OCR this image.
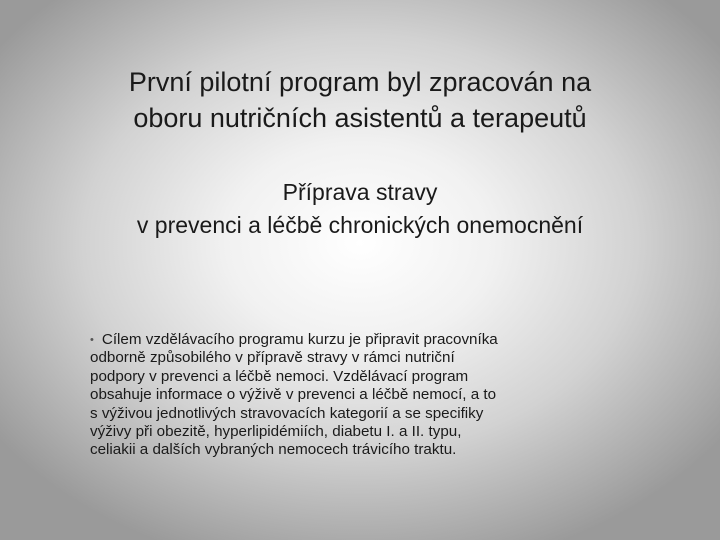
První pilotní program byl zpracován na
oboru nutričních asistentů a terapeutů
Příprava stravy
v prevenci a léčbě chronických onemocnění
• Cílem vzdělávacího programu kurzu je připravit pracovníka
odborně způsobilého v přípravě stravy v rámci nutriční
podpory v prevenci a léčbě nemoci. Vzdělávací program
obsahuje informace o výživě v prevenci a léčbě nemocí, a to
s výživou jednotlivých stravovacích kategorií a se specifiky
výživy při obezitě, hyperlipidémiích, diabetu I. a II. typu,
celiakii a dalších vybraných nemocech trávicího traktu.
